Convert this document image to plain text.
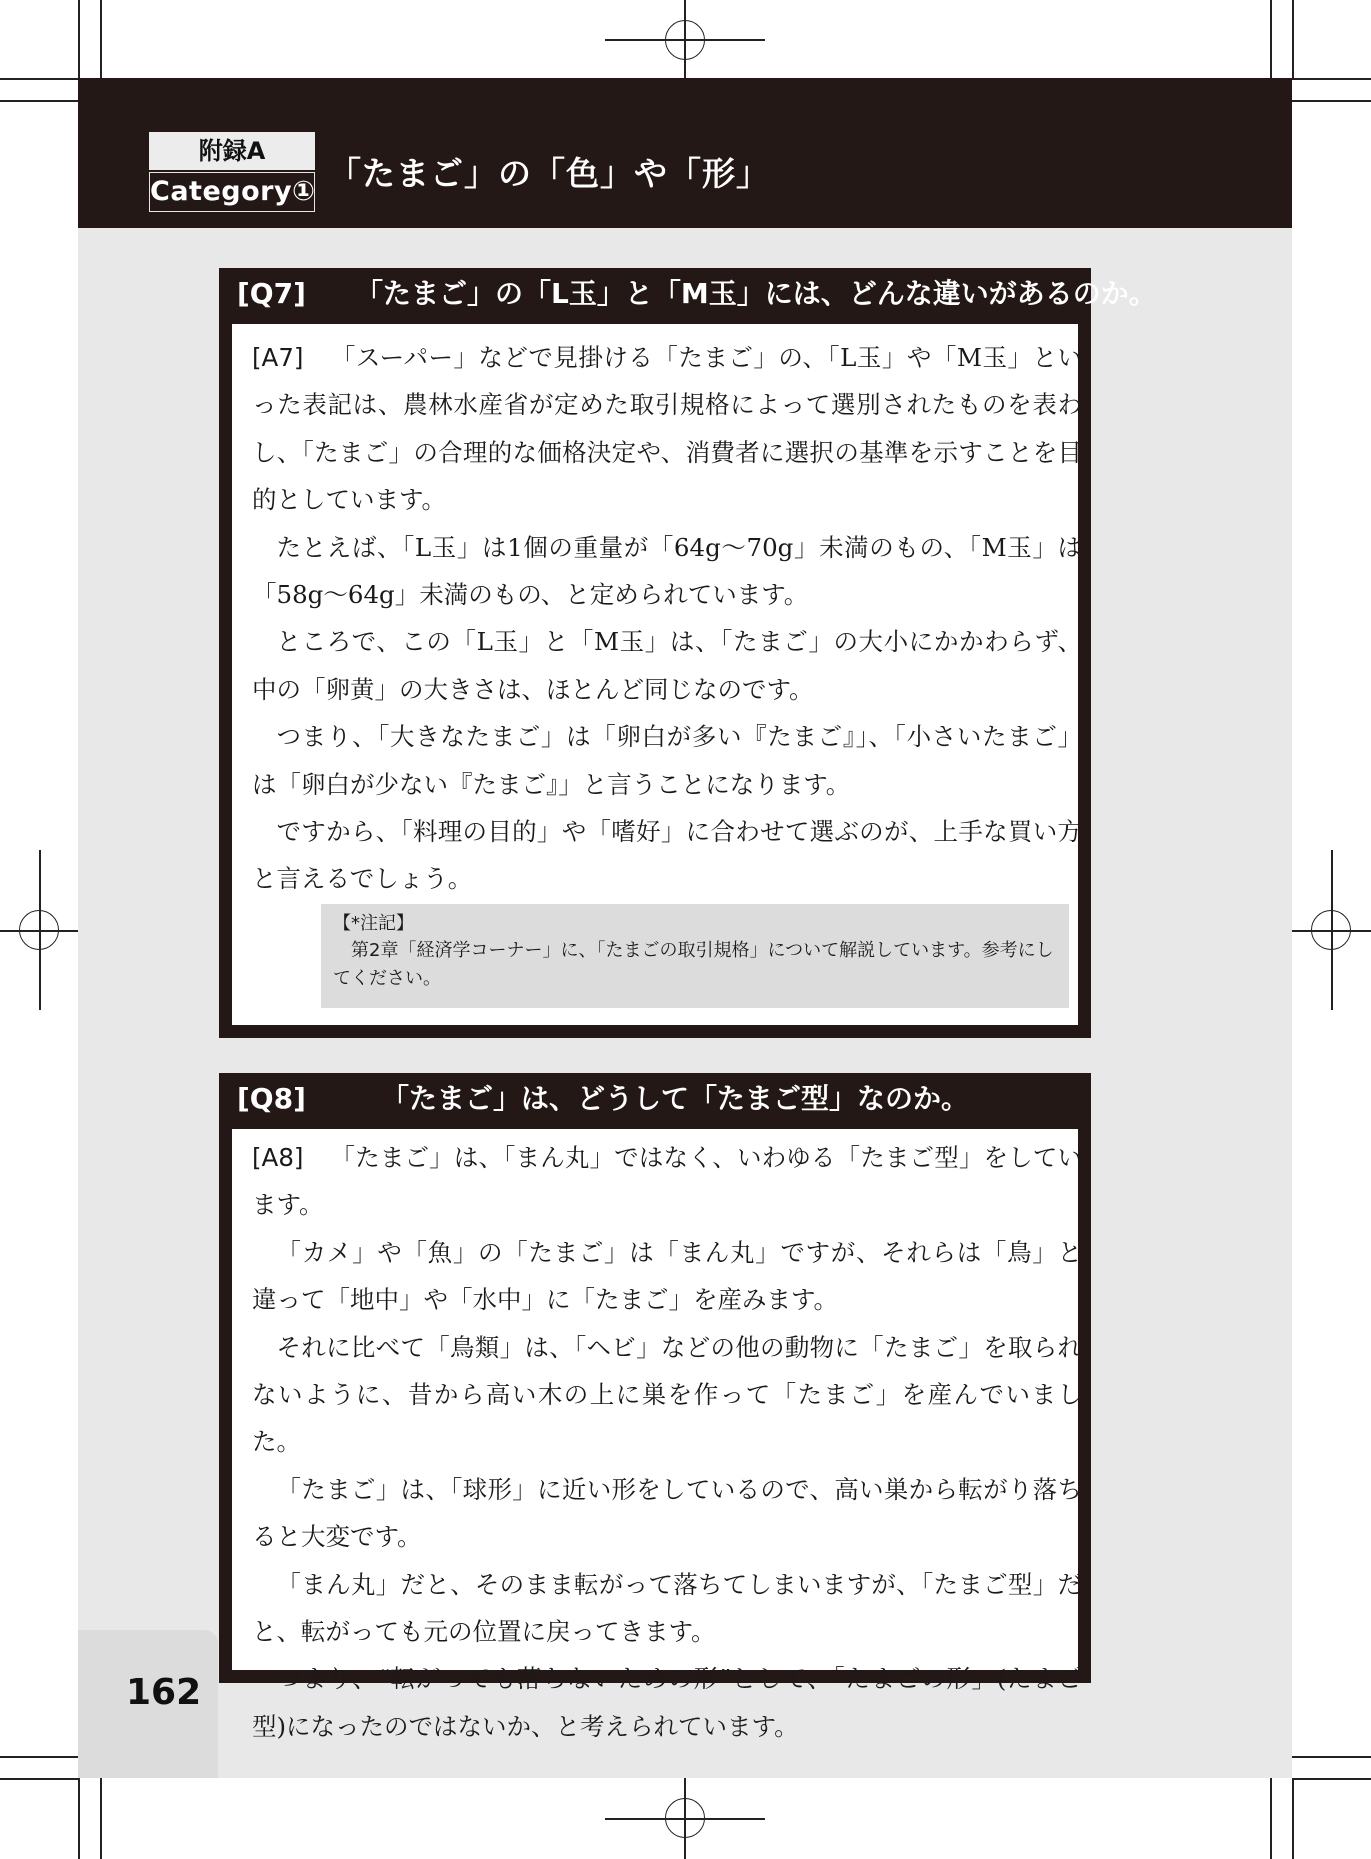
附録A
Category① 「たまご」の「色」や「形」
[Q7] 「たまご」の「L玉」と「M玉」には、どんな違いがあるのか。

[A7] 「スーパー」などで見掛ける「たまご」の、「L玉」や「M玉」といった表記は、農林水産省が定めた取引規格によって選別されたものを表わし、「たまご」の合理的な価格決定や、消費者に選択の基準を示すことを目的としています。

たとえば、「L玉」は1個の重量が「64g～70g」未満のもの、「M玉」は「58g～64g」未満のもの、と定められています。

ところで、この「L玉」と「M玉」は、「たまご」の大小にかかわらず、中の「卵黄」の大きさは、ほとんど同じなのです。

つまり、「大きなたまご」は「卵白が多い『たまご』」、「小さいたまご」は「卵白が少ない『たまご』」と言うことになります。

ですから、「料理の目的」や「嗜好」に合わせて選ぶのが、上手な買い方と言えるでしょう。

【*注記】
第2章「経済学コーナー」に、「たまごの取引規格」について解説しています。参考にしてください。
[Q8]	「たまご」は、どうして「たまご型」なのか。

[A8] 「たまご」は、「まん丸」ではなく、いわゆる「たまご型」をしています。

「カメ」や「魚」の「たまご」は「まん丸」ですが、それらは「鳥」と違って「地中」や「水中」に「たまご」を産みます。

それに比べて「鳥類」は、「ヘビ」などの他の動物に「たまご」を取られないように、昔から高い木の上に巣を作って「たまご」を産んでいました。

「たまご」は、「球形」に近い形をしているので、高い巣から転がり落ちると大変です。

「まん丸」だと、そのまま転がって落ちてしまいますが、「たまご型」だと、転がっても元の位置に戻ってきます。

つまり、“転がっても落ちないための形”として、「たまごの形」(たまご型)になったのではないか、と考えられています。

162
